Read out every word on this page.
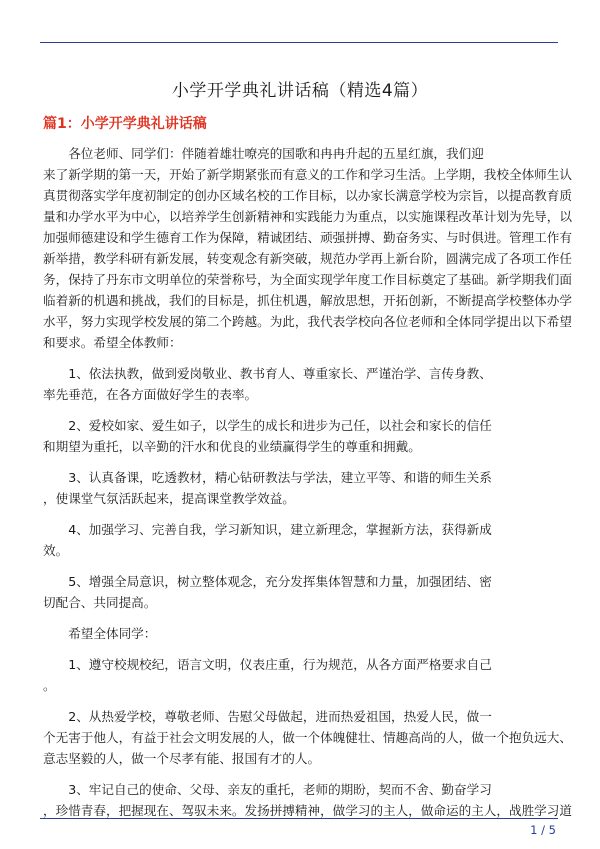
小学开学典礼讲话稿（精选4篇）
篇1：小学开学典礼讲话稿
　　各位老师、同学们：伴随着雄壮嘹亮的国歌和冉冉升起的五星红旗，我们迎
来了新学期的第一天，开始了新学期紧张而有意义的工作和学习生活。上学期，我校全体师生认
真贯彻落实学年度初制定的创办区域名校的工作目标，以办家长满意学校为宗旨，以提高教育质
量和办学水平为中心，以培养学生创新精神和实践能力为重点，以实施课程改革计划为先导，以
加强师德建设和学生德育工作为保障，精诚团结、顽强拼搏、勤奋务实、与时俱进。管理工作有
新举措，教学科研有新发展，转变观念有新突破，规范办学再上新台阶，圆满完成了各项工作任
务，保持了丹东市文明单位的荣誉称号，为全面实现学年度工作目标奠定了基础。新学期我们面
临着新的机遇和挑战，我们的目标是，抓住机遇，解放思想，开拓创新，不断提高学校整体办学
水平，努力实现学校发展的第二个跨越。为此，我代表学校向各位老师和全体同学提出以下希望
和要求。希望全体教师：
　　1、依法执教，做到爱岗敬业、教书育人、尊重家长、严谨治学、言传身教、
率先垂范，在各方面做好学生的表率。
　　2、爱校如家、爱生如子，以学生的成长和进步为己任，以社会和家长的信任
和期望为重托，以辛勤的汗水和优良的业绩赢得学生的尊重和拥戴。
　　3、认真备课，吃透教材，精心钻研教法与学法，建立平等、和谐的师生关系
，使课堂气氛活跃起来，提高课堂教学效益。
　　4、加强学习、完善自我，学习新知识，建立新理念，掌握新方法，获得新成
效。
　　5、增强全局意识，树立整体观念，充分发挥集体智慧和力量，加强团结、密
切配合、共同提高。
　　希望全体同学：
　　1、遵守校规校纪，语言文明，仪表庄重，行为规范，从各方面严格要求自己
。
　　2、从热爱学校，尊敬老师、告慰父母做起，进而热爱祖国，热爱人民，做一
个无害于他人，有益于社会文明发展的人，做一个体魄健壮、情趣高尚的人，做一个抱负远大、
意志坚毅的人，做一个尽孝有能、报国有才的人。
　　3、牢记自己的使命、父母、亲友的重托，老师的期盼，契而不舍、勤奋学习
，珍惜青春，把握现在、驾驭未来。发扬拼搏精神，做学习的主人，做命运的主人，战胜学习道
1 / 5
